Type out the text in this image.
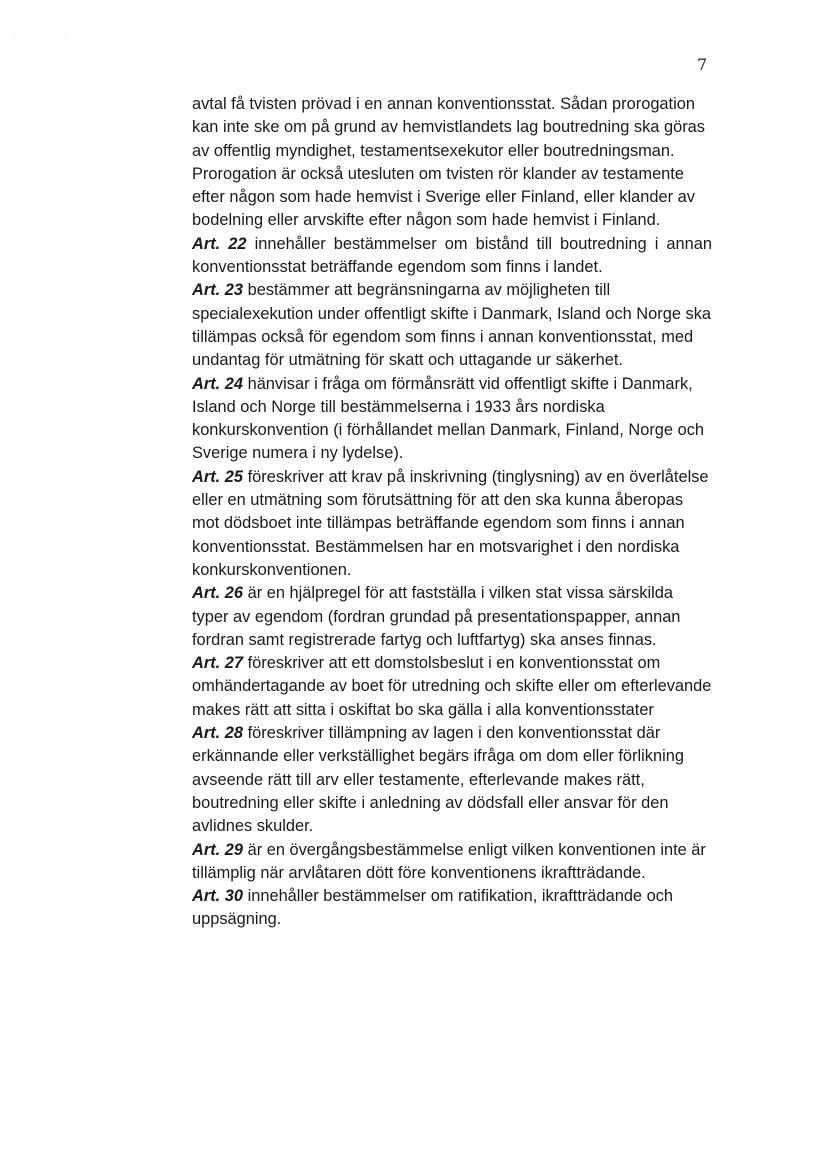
· · ·
7

avtal få tvisten prövad i en annan konventionsstat. Sådan prorogation kan inte ske om på grund av hemvistlandets lag boutredning ska göras av offentlig myndighet, testamentsexekutor eller boutredningsman. Prorogation är också utesluten om tvisten rör klander av testamente efter någon som hade hemvist i Sverige eller Finland, eller klander av bodelning eller arvskifte efter någon som hade hemvist i Finland.

Art. 22 innehåller bestämmelser om bistånd till boutredning i annan konventionsstat beträffande egendom som finns i landet.

Art. 23 bestämmer att begränsningarna av möjligheten till specialexekution under offentligt skifte i Danmark, Island och Norge ska tillämpas också för egendom som finns i annan konventionsstat, med undantag för utmätning för skatt och uttagande ur säkerhet.

Art. 24 hänvisar i fråga om förmånsrätt vid offentligt skifte i Danmark, Island och Norge till bestämmelserna i 1933 års nordiska konkurskonvention (i förhållandet mellan Danmark, Finland, Norge och Sverige numera i ny lydelse).

Art. 25 föreskriver att krav på inskrivning (tinglysning) av en överlåtelse eller en utmätning som förutsättning för att den ska kunna åberopas mot dödsboet inte tillämpas beträffande egendom som finns i annan konventionsstat. Bestämmelsen har en motsvarighet i den nordiska konkurskonventionen.

Art. 26 är en hjälpregel för att fastställa i vilken stat vissa särskilda typer av egendom (fordran grundad på presentationspapper, annan fordran samt registrerade fartyg och luftfartyg) ska anses finnas.

Art. 27 föreskriver att ett domstolsbeslut i en konventionsstat om omhändertagande av boet för utredning och skifte eller om efterlevande makes rätt att sitta i oskiftat bo ska gälla i alla konventionsstater

Art. 28 föreskriver tillämpning av lagen i den konventionsstat där erkännande eller verkställighet begärs ifråga om dom eller förlikning avseende rätt till arv eller testamente, efterlevande makes rätt, boutredning eller skifte i anledning av dödsfall eller ansvar för den avlidnes skulder.

Art. 29 är en övergångsbestämmelse enligt vilken konventionen inte är tillämplig när arvlåtaren dött före konventionens ikraftträdande.

Art. 30 innehåller bestämmelser om ratifikation, ikraftträdande och uppsägning.
